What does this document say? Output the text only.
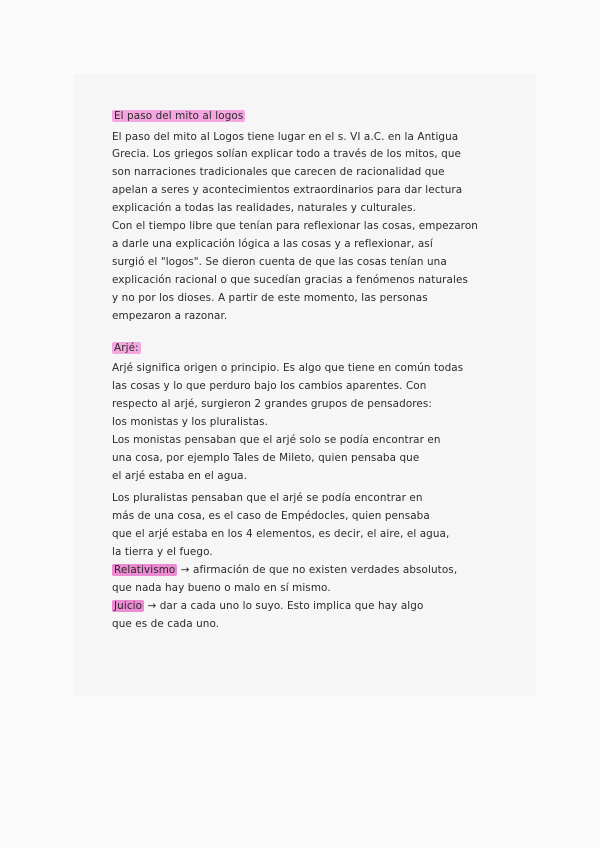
El paso del mito al logos
El paso del mito al Logos tiene lugar en el s. VI a.C. en la Antigua
Grecia. Los griegos solían explicar todo a través de los mitos, que
son narraciones tradicionales que carecen de racionalidad que
apelan a seres y acontecimientos extraordinarios para dar lectura
explicación a todas las realidades, naturales y culturales.
Con el tiempo libre que tenían para reflexionar las cosas, empezaron
a darle una explicación lógica a las cosas y a reflexionar, así
surgió el "logos". Se dieron cuenta de que las cosas tenían una
explicación racional o que sucedían gracias a fenómenos naturales
y no por los dioses. A partir de este momento, las personas
empezaron a razonar.
Arjé:
Arjé significa origen o principio. Es algo que tiene en común todas
las cosas y lo que perduro bajo los cambios aparentes. Con
respecto al arjé, surgieron 2 grandes grupos de pensadores:
los monistas y los pluralistas.
Los monistas pensaban que el arjé solo se podía encontrar en
una cosa, por ejemplo Tales de Mileto, quien pensaba que
el arjé estaba en el agua.
Los pluralistas pensaban que el arjé se podía encontrar en
más de una cosa, es el caso de Empédocles, quien pensaba
que el arjé estaba en los 4 elementos, es decir, el aire, el agua,
la tierra y el fuego.
Relativismo → afirmación de que no existen verdades absolutos,
que nada hay bueno o malo en sí mismo.
Juicio → dar a cada uno lo suyo. Esto implica que hay algo
que es de cada uno.
